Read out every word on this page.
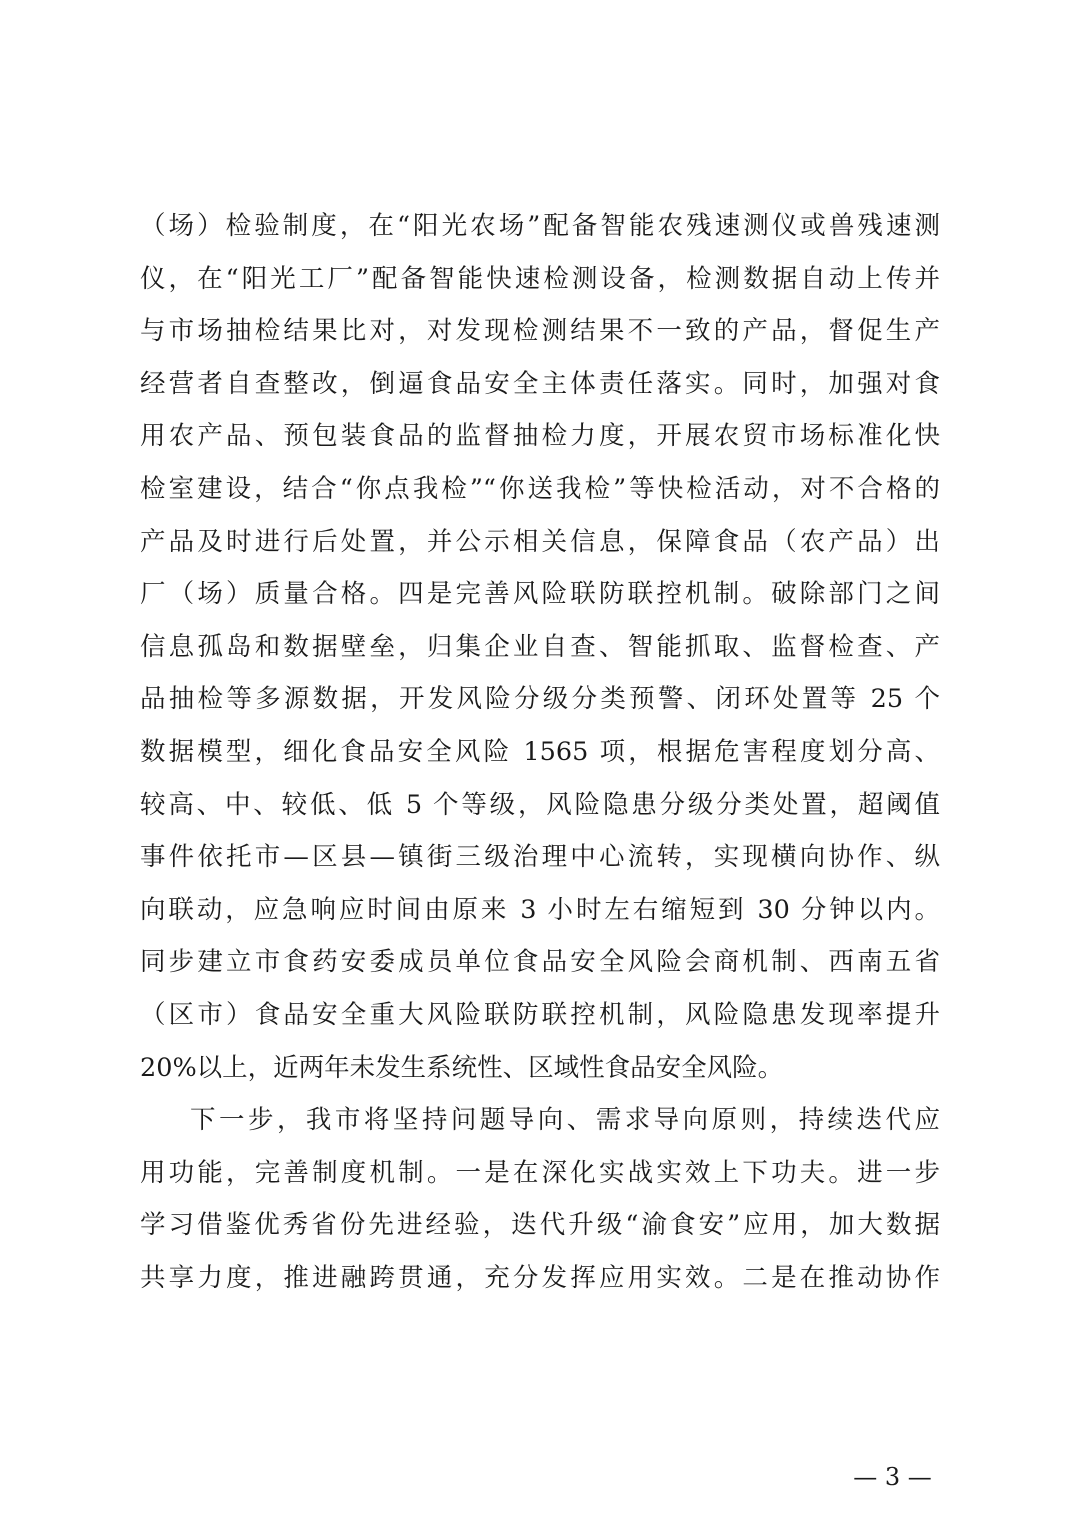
（场）检验制度，在“阳光农场”配备智能农残速测仪或兽残速测
仪，在“阳光工厂”配备智能快速检测设备，检测数据自动上传并
与市场抽检结果比对，对发现检测结果不一致的产品，督促生产
经营者自查整改，倒逼食品安全主体责任落实。同时，加强对食
用农产品、预包装食品的监督抽检力度，开展农贸市场标准化快
检室建设，结合“你点我检”“你送我检”等快检活动，对不合格的
产品及时进行后处置，并公示相关信息，保障食品（农产品）出
厂（场）质量合格。四是完善风险联防联控机制。破除部门之间
信息孤岛和数据壁垒，归集企业自查、智能抓取、监督检查、产
品抽检等多源数据，开发风险分级分类预警、闭环处置等 25 个
数据模型，细化食品安全风险 1565 项，根据危害程度划分高、
较高、中、较低、低 5 个等级，风险隐患分级分类处置，超阈值
事件依托市—区县—镇街三级治理中心流转，实现横向协作、纵
向联动，应急响应时间由原来 3 小时左右缩短到 30 分钟以内。
同步建立市食药安委成员单位食品安全风险会商机制、西南五省
（区市）食品安全重大风险联防联控机制，风险隐患发现率提升
20%以上，近两年未发生系统性、区域性食品安全风险。
下一步，我市将坚持问题导向、需求导向原则，持续迭代应
用功能，完善制度机制。一是在深化实战实效上下功夫。进一步
学习借鉴优秀省份先进经验，迭代升级“渝食安”应用，加大数据
共享力度，推进融跨贯通，充分发挥应用实效。二是在推动协作
— 3 —
